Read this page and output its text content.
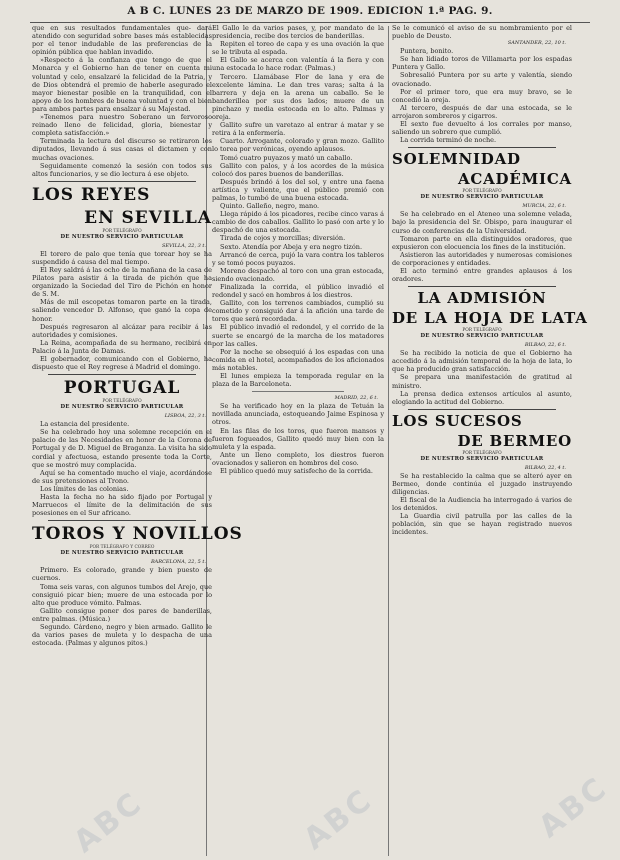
A B C. LUNES 23 DE MARZO DE 1909. EDICION 1.ª PAG. 9.

que en sus resultados fundamentales que- dará atendido con seguridad sobre bases más establecidas por el tenor indudable de las preferencias de la opinión pública que hablan invadido.

»Respecto á la confianza que tengo de que el Monarca y el Gobierno han de tener en cuenta mi voluntad y celo, ensalzaré la felicidad de la Patria, y de Dios obtendrá el premio de haberle asegurado el mayor bienestar posible en la tranquilidad, con el apoyo de los hombres de buena voluntad y con el bien para ambos partes para ensalzar á su Majestad.

»Tenemos para nuestro Soberano un fervoroso reinado lleno de felicidad, gloria, bienestar y completa satisfacción.»

Terminada la lectura del discurso se retiraron los diputados, llevando á sus casas el dictamen y con muchas ovaciones.

Seguidamente comenzó la sesión con todos sus altos funcionarios, y se dio lectura á ese objeto.

LOS REYES
EN SEVILLA
POR TELÉGRAFO
DE NUESTRO SERVICIO PARTICULAR
SEVILLA, 22, 3 t.

El torero de palo que tenía que torear hoy se ha suspendido á causa del mal tiempo.

El Rey saldrá á las ocho de la mañana de la casa de Pilatos para asistir á la tirada de pichón que ha organizado la Sociedad del Tiro de Pichón en honor de S. M.

Más de mil escopetas tomaron parte en la tirada, saliendo vencedor D. Alfonso, que ganó la copa de honor.

Después regresaron al alcázar para recibir á las autoridades y comisiones.

La Reina, acompañada de su hermano, recibirá en Palacio á la Junta de Damas.

El gobernador, comunicando con el Gobierno, ha dispuesto que el Rey regrese á Madrid el domingo.

PORTUGAL
POR TELÉGRAFO
DE NUESTRO SERVICIO PARTICULAR
LISBOA, 22, 3 t.

La estancia del presidente.

Se ha celebrado hoy una solemne recepción en el palacio de las Necesidades en honor de la Corona de Portugal y de D. Miguel de Braganza. La visita ha sido cordial y afectuosa, estando presente toda la Corte, que se mostró muy complacida.

Aquí se ha comentado mucho el viaje, acordándose de sus pretensiones al Trono.

Los límites de las colonias.

Hasta la fecha no ha sido fijado por Portugal y Marruecos el límite de la delimitación de sus posesiones en el Sur africano.

TOROS Y NOVILLOS
POR TELÉGRAFO Y CORREO
DE NUESTRO SERVICIO PARTICULAR
BARCELONA, 22, 5 t.

Primero. Es colorado, grande y bien puesto de cuernos.

Toma seis varas, con algunos tumbos del Arejo, que consiguió picar bien; muere de una estocada por lo alto que produce vómito. Palmas.

Gallito consigue poner dos pares de banderillas, entre palmas. (Música.)

Segundo. Cárdeno, negro y bien armado. Gallito le da varios pases de muleta y lo despacha de una estocada. (Palmas y algunos pitos.)

El Gallo le da varios pases, y, por mandato de la presidencia, recibe dos tercios de banderillas.

Repiten el toreo de capa y es una ovación la que se le tributa al espada.

El Gallo se acerca con valentía á la fiera y con una estocada lo hace rodar. (Palmas.)

Tercero. Llamábase Flor de lana y era de excelente lámina. Le dan tres varas; salta á la barrera y deja en la arena un caballo. Se le banderillea por sus dos lados; muere de un pinchazo y media estocada en lo alto. Palmas y oreja.

Gallito sufre un varetazo al entrar á matar y se retira á la enfermería.

Cuarto. Arrogante, colorado y gran mozo. Gallito lo torea por verónicas, oyendo aplausos.

Tomó cuatro puyazos y mató un caballo.

Gallito con palos, y á los acordes de la música colocó dos pares buenos de banderillas.

Después brindó á los del sol, y entre una faena artística y valiente, que el público premió con palmas, lo tumbó de una buena estocada.

Quinto. Galleño, negro, mano.

Llega rápido á los picadores, recibe cinco varas á cambio de dos caballos. Gallito lo pasó con arte y lo despachó de una estocada.

Tirada de cojos y morcillas; diversión.

Sexto. Atendía por Abeja y era negro tizón.

Arrancó de cerca, pujó la vara contra los tableros y se tomó pocos puyazos.

Moreno despachó al toro con una gran estocada, siendo ovacionado.

Finalizada la corrida, el público invadió el redondel y sacó en hombros á los diestros.

Gallito, con los terrenos cambiados, cumplió su cometido y consiguió dar á la afición una tarde de toros que será recordada.

El público invadió el redondel, y el corrido de la suerte se encargó de la marcha de los matadores por las calles.

Por la noche se obsequió á los espadas con una comida en el hotel, acompañados de los aficionados más notables.

El lunes empieza la temporada regular en la plaza de la Barceloneta.

MADRID, 22, 6 t.

Se ha verificado hoy en la plaza de Tetuán la novillada anunciada, estoqueando Jaime Espinosa y otros.

En las filas de los toros, que fueron mansos y fueron fogueados, Gallito quedó muy bien con la muleta y la espada.

Ante un lleno completo, los diestros fueron ovacionados y salieron en hombros del coso.

El público quedó muy satisfecho de la corrida.

Se le comunicó el aviso de su nombramiento por el pueblo de Deusto.

SANTANDER, 22, 10 t.

Puntera, bonito.

Se han lidiado toros de Villamarta por los espadas Puntera y Gallo.

Sobresalió Puntera por su arte y valentía, siendo ovacionado.

Por el primer toro, que era muy bravo, se le concedió la oreja.

Al tercero, después de dar una estocada, se le arrojaron sombreros y cigarros.

El sexto fue devuelto á los corrales por manso, saliendo un sobrero que cumplió.

La corrida terminó de noche.

SOLEMNIDAD
ACADÉMICA
POR TELÉGRAFO
DE NUESTRO SERVICIO PARTICULAR
MURCIA, 22, 6 t.

Se ha celebrado en el Ateneo una solemne velada, bajo la presidencia del Sr. Obispo, para inaugurar el curso de conferencias de la Universidad.

Tomaron parte en ella distinguidos oradores, que expusieron con elocuencia los fines de la institución.

Asistieron las autoridades y numerosas comisiones de corporaciones y entidades.

El acto terminó entre grandes aplausos á los oradores.

LA ADMISIÓN
DE LA HOJA DE LATA
POR TELÉGRAFO
DE NUESTRO SERVICIO PARTICULAR
BILBAO, 22, 6 t.

Se ha recibido la noticia de que el Gobierno ha accedido á la admisión temporal de la hoja de lata, lo que ha producido gran satisfacción.

Se prepara una manifestación de gratitud al ministro.

La prensa dedica extensos artículos al asunto, elogiando la actitud del Gobierno.

LOS SUCESOS
DE BERMEO
POR TELÉGRAFO
DE NUESTRO SERVICIO PARTICULAR
BILBAO, 22, 4 t.

Se ha restablecido la calma que se alteró ayer en Bermeo, donde continúa el juzgado instruyendo diligencias.

El fiscal de la Audiencia ha interrogado á varios de los detenidos.

La Guardia civil patrulla por las calles de la población, sin que se hayan registrado nuevos incidentes.

ABC	ABC	ABC
